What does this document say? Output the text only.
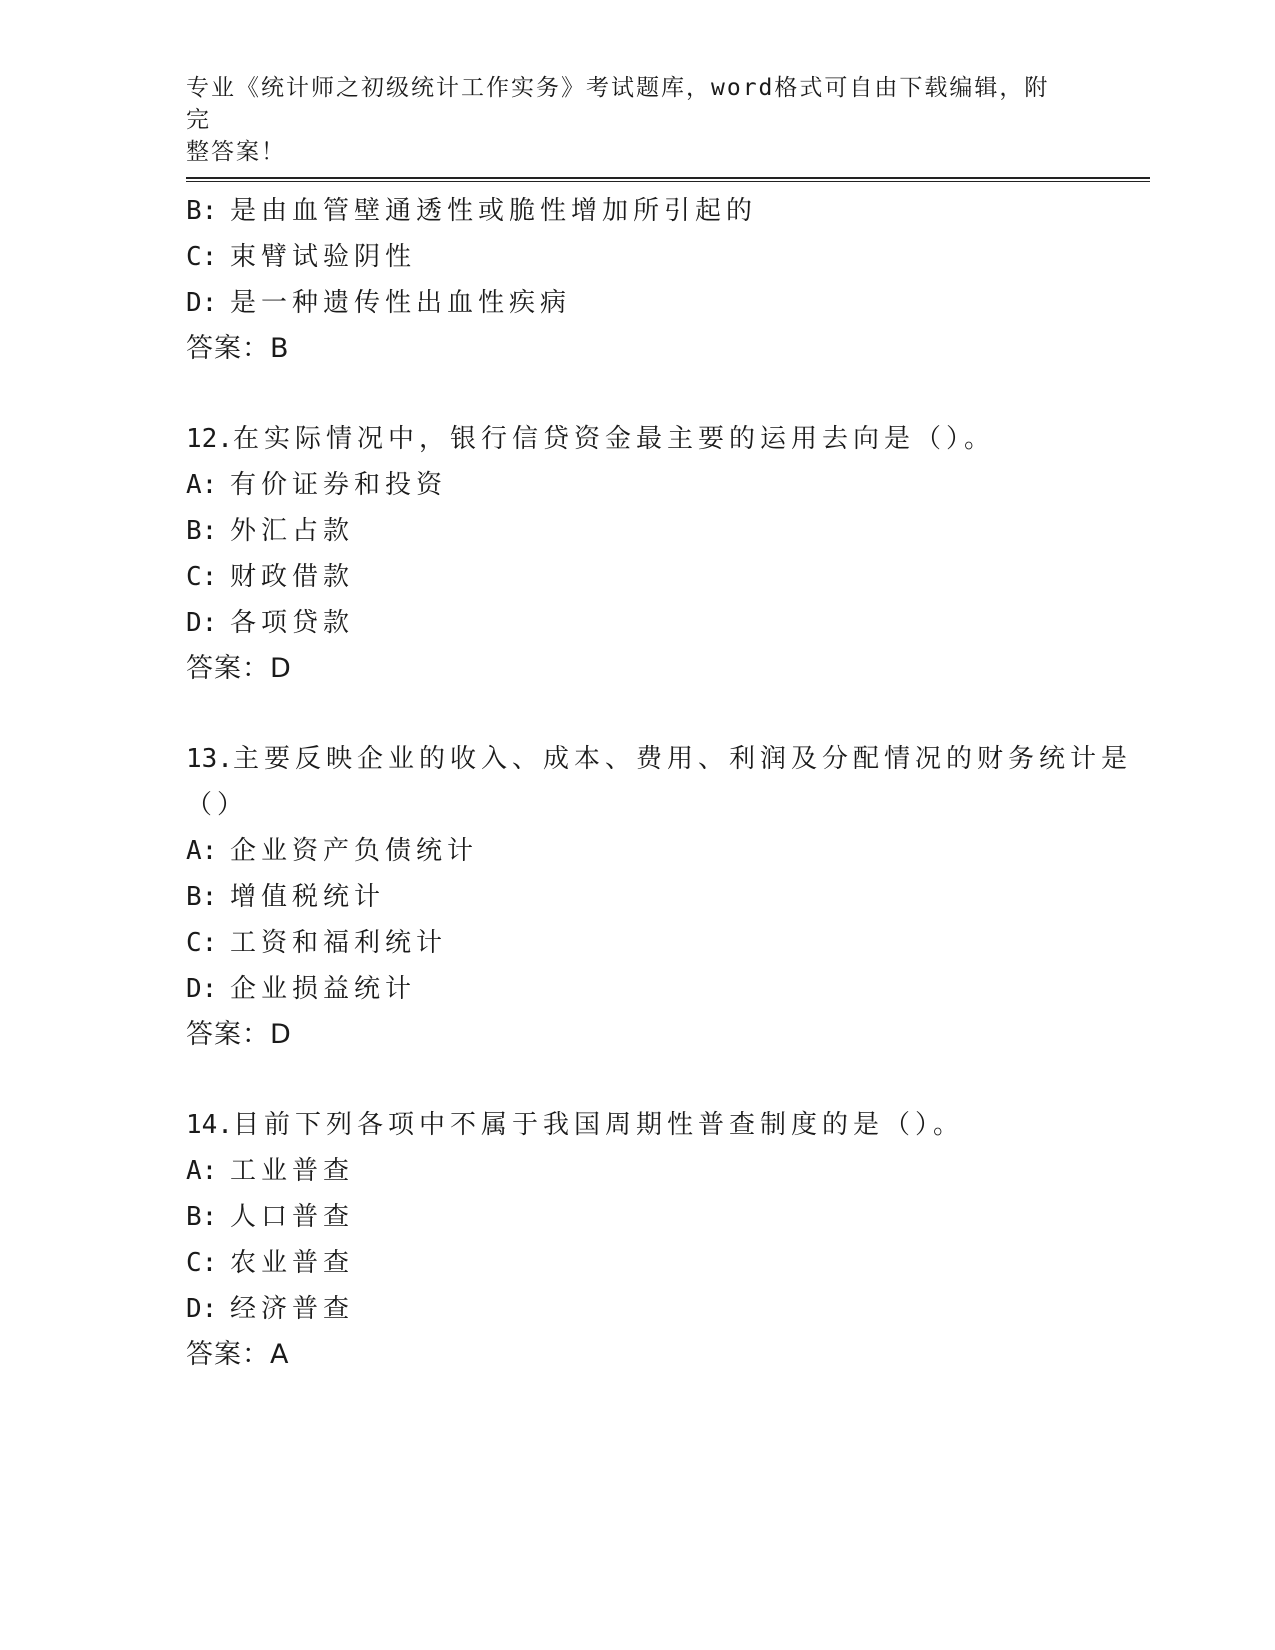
专业《统计师之初级统计工作实务》考试题库，word格式可自由下载编辑，附完
整答案！
B: 是由血管壁通透性或脆性增加所引起的
C: 束臂试验阴性
D: 是一种遗传性出血性疾病
答案：B
12.在实际情况中，银行信贷资金最主要的运用去向是（）。
A: 有价证券和投资
B: 外汇占款
C: 财政借款
D: 各项贷款
答案：D
13.主要反映企业的收入、成本、费用、利润及分配情况的财务统计是
（）
A: 企业资产负债统计
B: 增值税统计
C: 工资和福利统计
D: 企业损益统计
答案：D
14.目前下列各项中不属于我国周期性普查制度的是（）。
A: 工业普查
B: 人口普查
C: 农业普查
D: 经济普查
答案：A
